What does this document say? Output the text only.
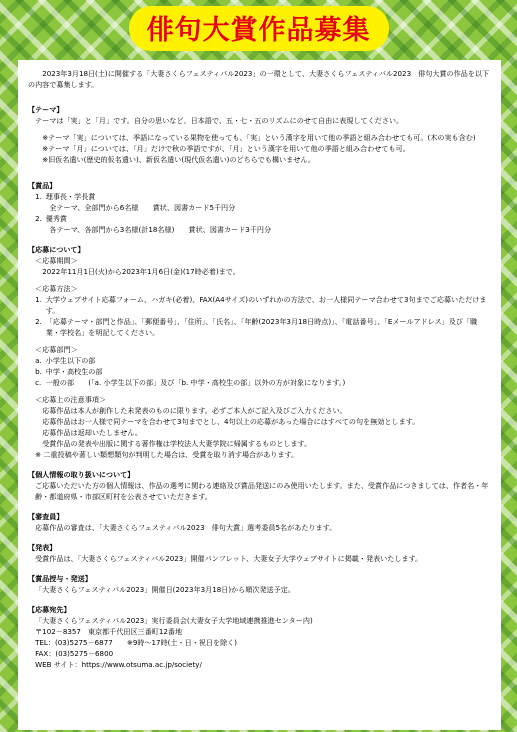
俳句大賞作品募集
2023年3月18日(土)に開催する「大妻さくらフェスティバル2023」の一環として、大妻さくらフェスティバル2023　俳句大賞の作品を以下の内容で募集します。
【テーマ】
テーマは「実」と「月」です。自分の思いなど、日本語で、五・七・五のリズムにのせて自由に表現してください。
※テーマ「実」については、季語になっている果物を使っても、「実」という漢字を用いて他の季語と組み合わせても可。(木の実も含む)
※テーマ「月」については、「月」だけで秋の季語ですが、「月」という漢字を用いて他の季語と組み合わせても可。
※旧仮名遣い(歴史的仮名遣い)、新仮名遣い(現代仮名遣い)のどちらでも構いません。
【賞品】
1. 理事長・学長賞
全テーマ、全部門から6名様　　賞状、図書カード5千円分
2. 優秀賞
各テーマ、各部門から3名様(計18名様)　　賞状、図書カード3千円分
【応募について】
＜応募期間＞
2022年11月1日(火)から2023年1月6日(金)(17時必着)まで。
＜応募方法＞
1. 大学ウェブサイト応募フォーム、ハガキ(必着)、FAX(A4サイズ)のいずれかの方法で、お一人様同テーマ合わせて3句までご応募いただけます。
2. 「応募テーマ・部門と作品」、「郵便番号」、「住所」、「氏名」、「年齢(2023年3月18日時点)」、「電話番号」、「Eメールアドレス」及び「職業・学校名」を明記してください。
＜応募部門＞
a. 小学生以下の部
b. 中学・高校生の部
c. 一般の部　　(「a. 小学生以下の部」及び「b. 中学・高校生の部」以外の方が対象になります。)
＜応募上の注意事項＞
応募作品は本人が創作した未発表のものに限ります。必ずご本人がご記入及びご入力ください。
応募作品はお一人様で同テーマを合わせて3句までとし、4句以上の応募があった場合にはすべての句を無効とします。
応募作品は返却いたしません。
受賞作品の発表や出版に関する著作権は学校法人大妻学院に帰属するものとします。
※ 二重投稿や著しい類想類句が判明した場合は、受賞を取り消す場合があります。
【個人情報の取り扱いについて】
ご応募いただいた方の個人情報は、作品の選考に関わる連絡及び賞品発送にのみ使用いたします。また、受賞作品につきましては、作者名・年齢・都道府県・市部区町村を公表させていただきます。
【審査員】
応募作品の審査は、「大妻さくらフェスティバル2023　俳句大賞」選考委員5名があたります。
【発表】
受賞作品は、「大妻さくらフェスティバル2023」開催パンフレット、大妻女子大学ウェブサイトに掲載・発表いたします。
【賞品授与・発送】
「大妻さくらフェスティバル2023」開催日(2023年3月18日)から順次発送予定。
【応募宛先】
「大妻さくらフェスティバル2023」実行委員会(大妻女子大学地域連携推進センター内)
〒102－8357　東京都千代田区三番町12番地
TEL：(03)5275－6877　　※9時～17時(土・日・祝日を除く)
FAX：(03)5275－6800
WEB サイト：https://www.otsuma.ac.jp/society/
